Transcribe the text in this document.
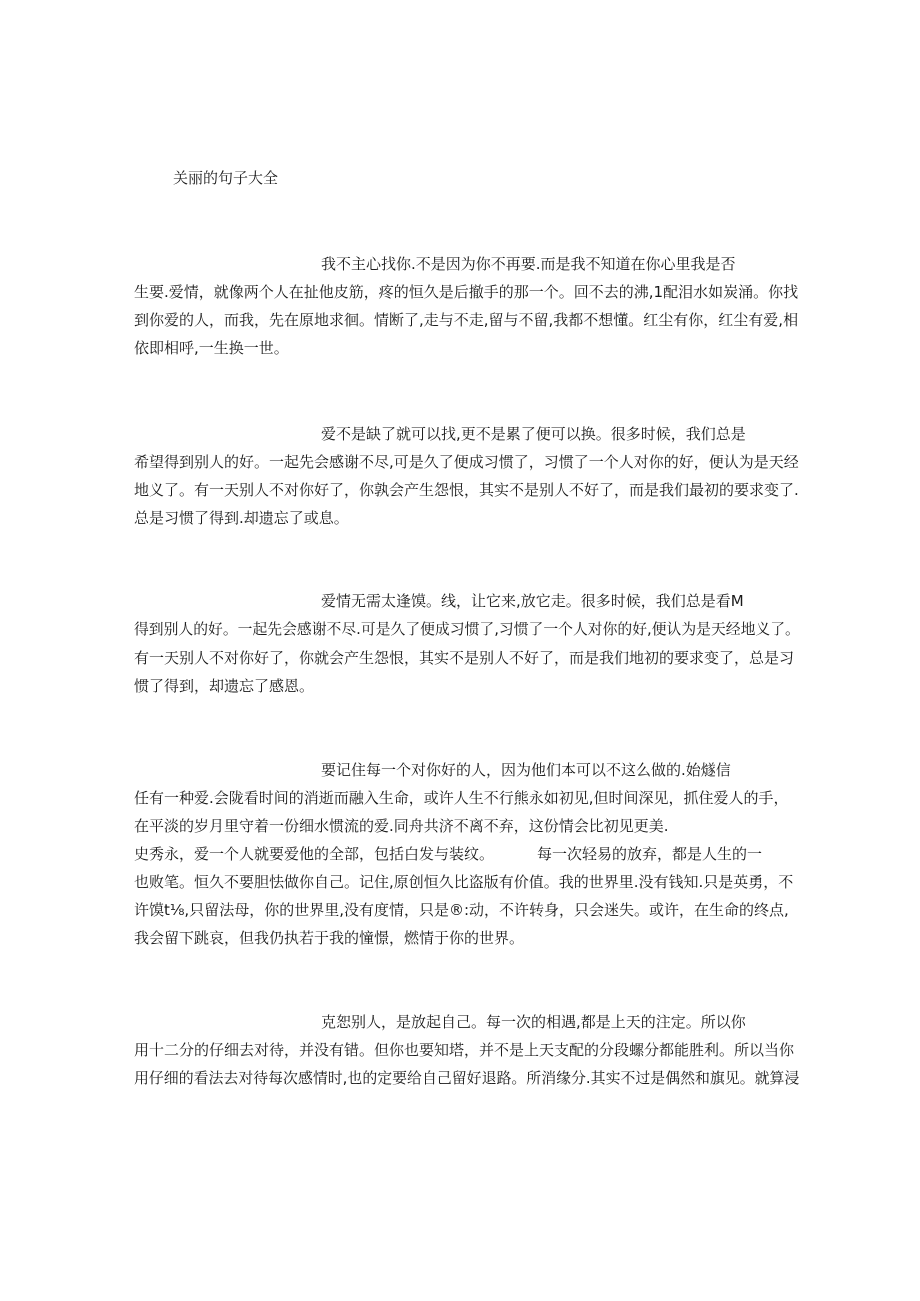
关丽的句子大全
我不主心找你.不是因为你不再要.而是我不知道在你心里我是否
生要.爱情，就像两个人在扯他皮筋，疼的恒久是后撤手的那一个。回不去的沸,1配泪水如炭涌。你找
到你爱的人，而我，先在原地求徊。情断了,走与不走,留与不留,我都不想懂。红尘有你，红尘有爱,相
依即相呼,一生换一世。
爱不是缺了就可以找,更不是累了便可以换。很多时候，我们总是
希望得到别人的好。一起先会感谢不尽,可是久了便成习惯了，习惯了一个人对你的好，便认为是天经
地义了。有一天别人不对你好了，你孰会产生怨恨，其实不是别人不好了，而是我们最初的要求变了.
总是习惯了得到.却遗忘了或息。
爱情无需太逢馍。线，让它来,放它走。很多时候，我们总是看M
得到别人的好。一起先会感谢不尽.可是久了便成习惯了,习惯了一个人对你的好,便认为是天经地义了。
有一天别人不对你好了，你就会产生怨恨，其实不是别人不好了，而是我们地初的要求变了，总是习
惯了得到，却遗忘了感恩。
要记住每一个对你好的人，因为他们本可以不这么做的.始燧信
任有一种爱.会陇看时间的消逝而融入生命，或许人生不行熊永如初见,但时间深见，抓住爱人的手，
在平淡的岁月里守着一份细水惯流的爱.同舟共济不离不弃，这份情会比初见更美.
史秀永，爱一个人就要爱他的全部，包括白发与装纹。	每一次轻易的放弃，都是人生的一
也败笔。恒久不要胆怯做你自己。记住,原创恒久比盗版有价值。我的世界里.没有钱知.只是英勇，不
许馍t⅛,只留法母，你的世界里,没有度情，只是®:动，不许转身，只会迷失。或许，在生命的终点,
我会留下跳哀，但我仍执若于我的憧憬，燃情于你的世界。
克恕别人，是放起自己。每一次的相遇,都是上天的注定。所以你
用十二分的仔细去对待，并没有错。但你也要知塔，并不是上天支配的分段螺分都能胜利。所以当你
用仔细的看法去对待每次感情时,也的定要给自己留好退路。所消缘分.其实不过是偶然和旗见。就算浸
